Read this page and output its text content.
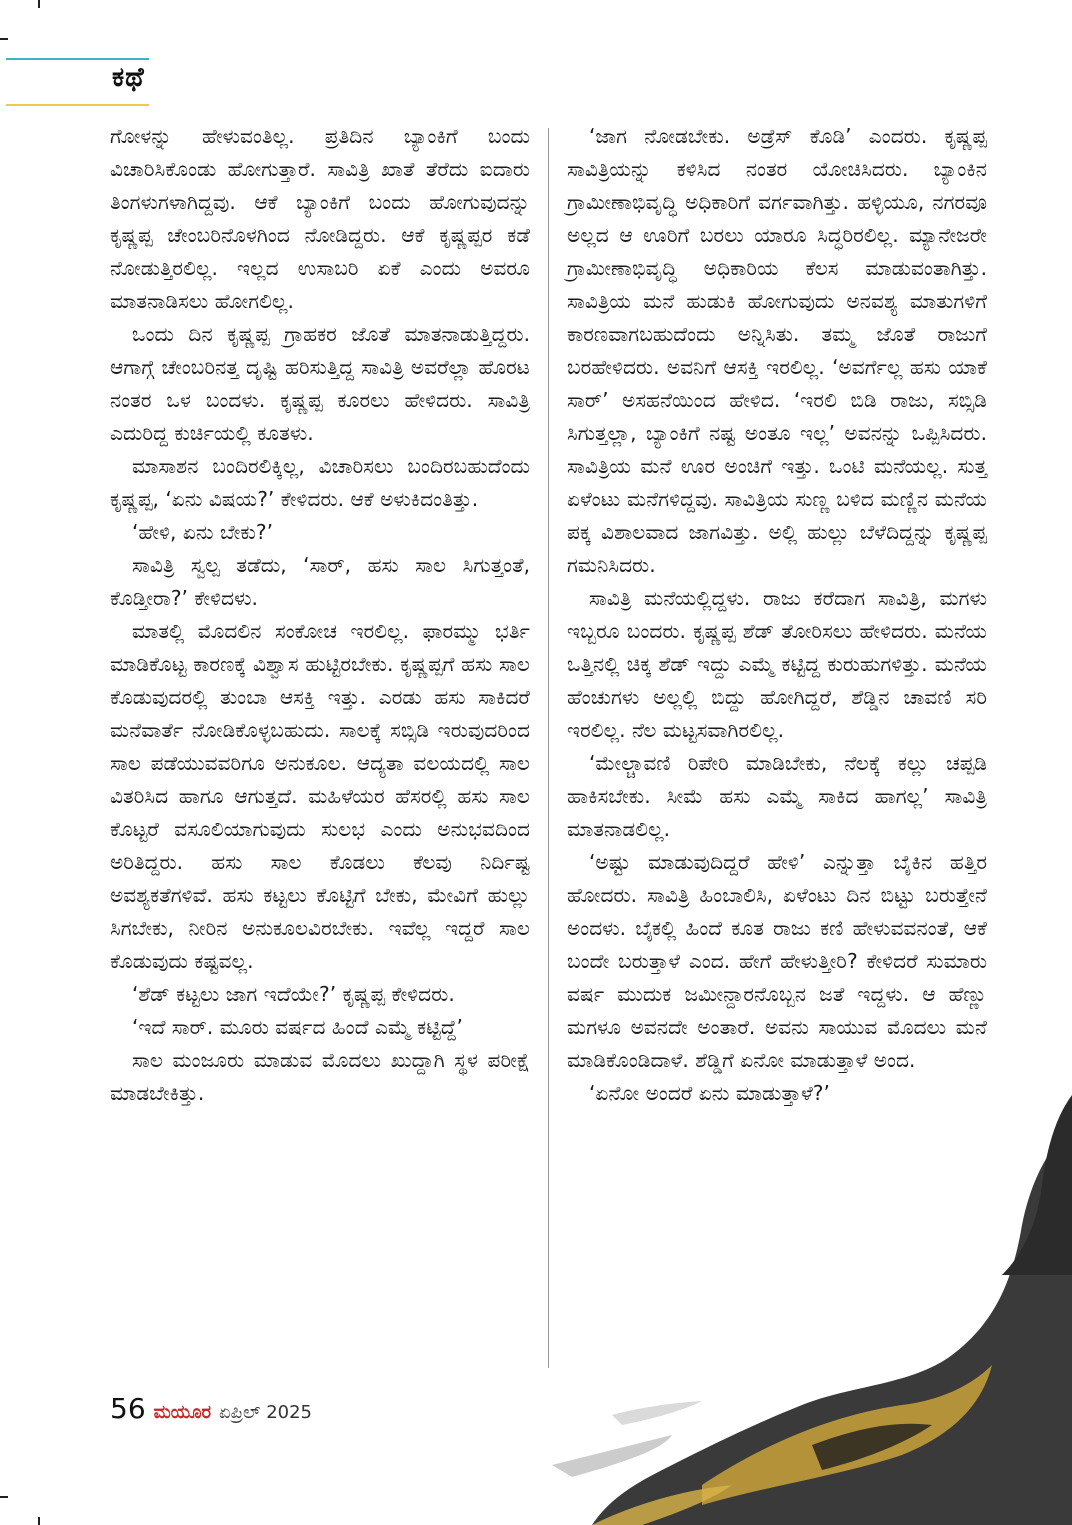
ಕಥೆ

ಗೋಳನ್ನು ಹೇಳುವಂತಿಲ್ಲ. ಪ್ರತಿದಿನ ಬ್ಯಾಂಕಿಗೆ ಬಂದು ವಿಚಾರಿಸಿಕೊಂಡು ಹೋಗುತ್ತಾರೆ. ಸಾವಿತ್ರಿ ಖಾತೆ ತೆರೆದು ಐದಾರು ತಿಂಗಳುಗಳಾಗಿದ್ದವು. ಆಕೆ ಬ್ಯಾಂಕಿಗೆ ಬಂದು ಹೋಗುವುದನ್ನು ಕೃಷ್ಣಪ್ಪ ಚೇಂಬರಿನೊಳಗಿಂದ ನೋಡಿದ್ದರು. ಆಕೆ ಕೃಷ್ಣಪ್ಪರ ಕಡೆ ನೋಡುತ್ತಿರಲಿಲ್ಲ. ಇಲ್ಲದ ಉಸಾಬರಿ ಏಕೆ ಎಂದು ಅವರೂ ಮಾತನಾಡಿಸಲು ಹೋಗಲಿಲ್ಲ.

ಒಂದು ದಿನ ಕೃಷ್ಣಪ್ಪ ಗ್ರಾಹಕರ ಜೊತೆ ಮಾತನಾಡುತ್ತಿದ್ದರು. ಆಗಾಗ್ಗೆ ಚೇಂಬರಿನತ್ತ ದೃಷ್ಟಿ ಹರಿಸುತ್ತಿದ್ದ ಸಾವಿತ್ರಿ ಅವರೆಲ್ಲಾ ಹೊರಟ ನಂತರ ಒಳ ಬಂದಳು. ಕೃಷ್ಣಪ್ಪ ಕೂರಲು ಹೇಳಿದರು. ಸಾವಿತ್ರಿ ಎದುರಿದ್ದ ಕುರ್ಚಿಯಲ್ಲಿ ಕೂತಳು.

ಮಾಸಾಶನ ಬಂದಿರಲಿಕ್ಕಿಲ್ಲ, ವಿಚಾರಿಸಲು ಬಂದಿರಬಹುದೆಂದು ಕೃಷ್ಣಪ್ಪ, ‘ಏನು ವಿಷಯ?’ ಕೇಳಿದರು. ಆಕೆ ಅಳುಕಿದಂತಿತ್ತು.

‘ಹೇಳಿ, ಏನು ಬೇಕು?’

ಸಾವಿತ್ರಿ ಸ್ವಲ್ಪ ತಡೆದು, ‘ಸಾರ್, ಹಸು ಸಾಲ ಸಿಗುತ್ತಂತೆ, ಕೊಡ್ತೀರಾ?’ ಕೇಳಿದಳು.

ಮಾತಲ್ಲಿ ಮೊದಲಿನ ಸಂಕೋಚ ಇರಲಿಲ್ಲ. ಫಾರಮ್ಮು ಭರ್ತಿ ಮಾಡಿಕೊಟ್ಟ ಕಾರಣಕ್ಕೆ ವಿಶ್ವಾಸ ಹುಟ್ಟಿರಬೇಕು. ಕೃಷ್ಣಪ್ಪಗೆ ಹಸು ಸಾಲ ಕೊಡುವುದರಲ್ಲಿ ತುಂಬಾ ಆಸಕ್ತಿ ಇತ್ತು. ಎರಡು ಹಸು ಸಾಕಿದರೆ ಮನೆವಾರ್ತೆ ನೋಡಿಕೊಳ್ಳಬಹುದು. ಸಾಲಕ್ಕೆ ಸಬ್ಸಿಡಿ ಇರುವುದರಿಂದ ಸಾಲ ಪಡೆಯುವವರಿಗೂ ಅನುಕೂಲ. ಆದ್ಯತಾ ವಲಯದಲ್ಲಿ ಸಾಲ ವಿತರಿಸಿದ ಹಾಗೂ ಆಗುತ್ತದೆ. ಮಹಿಳೆಯರ ಹೆಸರಲ್ಲಿ ಹಸು ಸಾಲ ಕೊಟ್ಟರೆ ವಸೂಲಿಯಾಗುವುದು ಸುಲಭ ಎಂದು ಅನುಭವದಿಂದ ಅರಿತಿದ್ದರು. ಹಸು ಸಾಲ ಕೊಡಲು ಕೆಲವು ನಿರ್ದಿಷ್ಟ ಅವಶ್ಯಕತೆಗಳಿವೆ. ಹಸು ಕಟ್ಟಲು ಕೊಟ್ಟಿಗೆ ಬೇಕು, ಮೇವಿಗೆ ಹುಲ್ಲು ಸಿಗಬೇಕು, ನೀರಿನ ಅನುಕೂಲವಿರಬೇಕು. ಇವೆಲ್ಲ ಇದ್ದರೆ ಸಾಲ ಕೊಡುವುದು ಕಷ್ಟವಲ್ಲ.

‘ಶೆಡ್ ಕಟ್ಟಲು ಜಾಗ ಇದೆಯೇ?’ ಕೃಷ್ಣಪ್ಪ ಕೇಳಿದರು.

‘ಇದೆ ಸಾರ್. ಮೂರು ವರ್ಷದ ಹಿಂದೆ ಎಮ್ಮೆ ಕಟ್ಟಿದ್ದೆ’

ಸಾಲ ಮಂಜೂರು ಮಾಡುವ ಮೊದಲು ಖುದ್ದಾಗಿ ಸ್ಥಳ ಪರೀಕ್ಷೆ ಮಾಡಬೇಕಿತ್ತು.

‘ಜಾಗ ನೋಡಬೇಕು. ಅಡ್ರೆಸ್ ಕೊಡಿ’ ಎಂದರು. ಕೃಷ್ಣಪ್ಪ ಸಾವಿತ್ರಿಯನ್ನು ಕಳಿಸಿದ ನಂತರ ಯೋಚಿಸಿದರು. ಬ್ಯಾಂಕಿನ ಗ್ರಾಮೀಣಾಭಿವೃದ್ಧಿ ಅಧಿಕಾರಿಗೆ ವರ್ಗವಾಗಿತ್ತು. ಹಳ್ಳಿಯೂ, ನಗರವೂ ಅಲ್ಲದ ಆ ಊರಿಗೆ ಬರಲು ಯಾರೂ ಸಿದ್ಧರಿರಲಿಲ್ಲ. ಮ್ಯಾನೇಜರೇ ಗ್ರಾಮೀಣಾಭಿವೃದ್ಧಿ ಅಧಿಕಾರಿಯ ಕೆಲಸ ಮಾಡುವಂತಾಗಿತ್ತು. ಸಾವಿತ್ರಿಯ ಮನೆ ಹುಡುಕಿ ಹೋಗುವುದು ಅನವಶ್ಯ ಮಾತುಗಳಿಗೆ ಕಾರಣವಾಗಬಹುದೆಂದು ಅನ್ನಿಸಿತು. ತಮ್ಮ ಜೊತೆ ರಾಜುಗೆ ಬರಹೇಳಿದರು. ಅವನಿಗೆ ಆಸಕ್ತಿ ಇರಲಿಲ್ಲ. ‘ಅವರ್ಗೆಲ್ಲ ಹಸು ಯಾಕೆ ಸಾರ್’ ಅಸಹನೆಯಿಂದ ಹೇಳಿದ. ‘ಇರಲಿ ಬಿಡಿ ರಾಜು, ಸಬ್ಸಿಡಿ ಸಿಗುತ್ತಲ್ಲಾ, ಬ್ಯಾಂಕಿಗೆ ನಷ್ಟ ಅಂತೂ ಇಲ್ಲ’ ಅವನನ್ನು ಒಪ್ಪಿಸಿದರು. ಸಾವಿತ್ರಿಯ ಮನೆ ಊರ ಅಂಚಿಗೆ ಇತ್ತು. ಒಂಟಿ ಮನೆಯಲ್ಲ. ಸುತ್ತ ಏಳೆಂಟು ಮನೆಗಳಿದ್ದವು. ಸಾವಿತ್ರಿಯ ಸುಣ್ಣ ಬಳಿದ ಮಣ್ಣಿನ ಮನೆಯ ಪಕ್ಕ ವಿಶಾಲವಾದ ಜಾಗವಿತ್ತು. ಅಲ್ಲಿ ಹುಲ್ಲು ಬೆಳೆದಿದ್ದನ್ನು ಕೃಷ್ಣಪ್ಪ ಗಮನಿಸಿದರು.

ಸಾವಿತ್ರಿ ಮನೆಯಲ್ಲಿದ್ದಳು. ರಾಜು ಕರೆದಾಗ ಸಾವಿತ್ರಿ, ಮಗಳು ಇಬ್ಬರೂ ಬಂದರು. ಕೃಷ್ಣಪ್ಪ ಶೆಡ್ ತೋರಿಸಲು ಹೇಳಿದರು. ಮನೆಯ ಒತ್ತಿನಲ್ಲಿ ಚಿಕ್ಕ ಶೆಡ್ ಇದ್ದು ಎಮ್ಮೆ ಕಟ್ಟಿದ್ದ ಕುರುಹುಗಳಿತ್ತು. ಮನೆಯ ಹೆಂಚುಗಳು ಅಲ್ಲಲ್ಲಿ ಬಿದ್ದು ಹೋಗಿದ್ದರೆ, ಶೆಡ್ಡಿನ ಚಾವಣಿ ಸರಿ ಇರಲಿಲ್ಲ. ನೆಲ ಮಟ್ಟಸವಾಗಿರಲಿಲ್ಲ.

‘ಮೇಲ್ಚಾವಣಿ ರಿಪೇರಿ ಮಾಡಿಬೇಕು, ನೆಲಕ್ಕೆ ಕಲ್ಲು ಚಪ್ಪಡಿ ಹಾಕಿಸಬೇಕು. ಸೀಮೆ ಹಸು ಎಮ್ಮೆ ಸಾಕಿದ ಹಾಗಲ್ಲ’ ಸಾವಿತ್ರಿ ಮಾತನಾಡಲಿಲ್ಲ.

‘ಅಷ್ಟು ಮಾಡುವುದಿದ್ದರೆ ಹೇಳಿ’ ಎನ್ನುತ್ತಾ ಬೈಕಿನ ಹತ್ತಿರ ಹೋದರು. ಸಾವಿತ್ರಿ ಹಿಂಬಾಲಿಸಿ, ಏಳೆಂಟು ದಿನ ಬಿಟ್ಟು ಬರುತ್ತೇನೆ ಅಂದಳು. ಬೈಕಲ್ಲಿ ಹಿಂದೆ ಕೂತ ರಾಜು ಕಣಿ ಹೇಳುವವನಂತೆ, ಆಕೆ ಬಂದೇ ಬರುತ್ತಾಳೆ ಎಂದ. ಹೇಗೆ ಹೇಳುತ್ತೀರಿ? ಕೇಳಿದರೆ ಸುಮಾರು ವರ್ಷ ಮುದುಕ ಜಮೀನ್ದಾರನೊಬ್ಬನ ಜತೆ ಇದ್ದಳು. ಆ ಹೆಣ್ಣು ಮಗಳೂ ಅವನದೇ ಅಂತಾರೆ. ಅವನು ಸಾಯುವ ಮೊದಲು ಮನೆ ಮಾಡಿಕೊಂಡಿದಾಳೆ. ಶೆಡ್ಡಿಗೆ ಏನೋ ಮಾಡುತ್ತಾಳೆ ಅಂದ.

‘ಏನೋ ಅಂದರೆ ಏನು ಮಾಡುತ್ತಾಳೆ?’

56 ಮಯೂರ ಏಪ್ರಿಲ್ 2025
